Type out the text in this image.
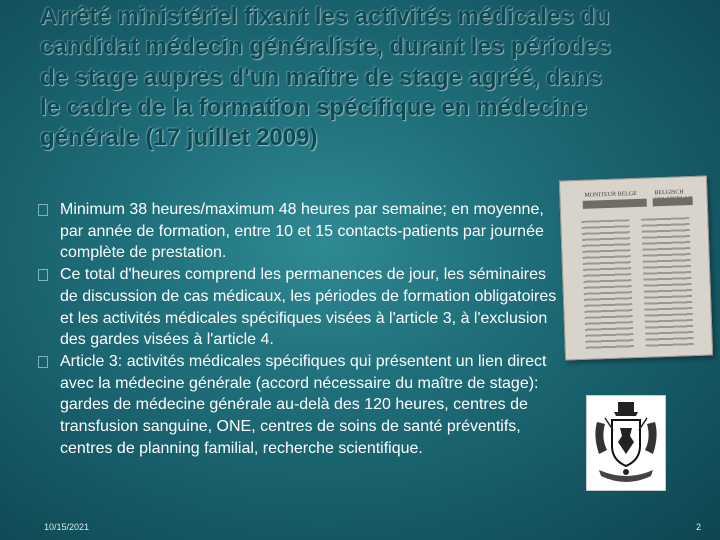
Arrêté ministériel fixant les activités médicales du candidat médecin généraliste, durant les périodes de stage auprès d'un maître de stage agréé, dans le cadre de la formation spécifique en médecine générale (17 juillet 2009)
Minimum 38 heures/maximum 48 heures par semaine; en moyenne, par année de formation, entre 10 et 15 contacts-patients par journée complète de prestation.
Ce total d'heures comprend les permanences de jour, les séminaires de discussion de cas médicaux, les périodes de formation obligatoires et les activités médicales spécifiques visées à l'article 3, à l'exclusion des gardes visées à l'article 4.
Article 3: activités médicales spécifiques qui présentent un lien direct avec la médecine générale (accord nécessaire du maître de stage): gardes de médecine générale au-delà des 120 heures, centres de transfusion sanguine, ONE, centres de soins de santé préventifs, centres de planning familial, recherche scientifique.
MONITEUR BELGE	BELGISCH
10/15/2021	2
